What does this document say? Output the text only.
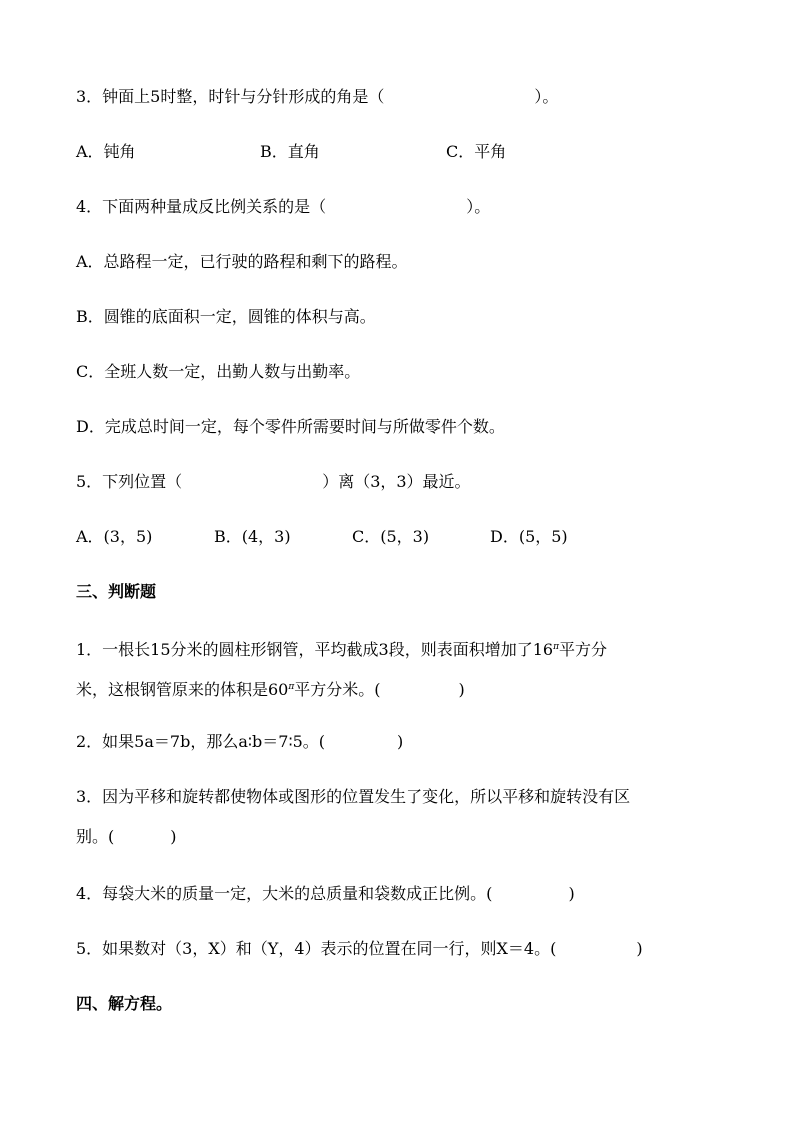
3．钟面上5时整，时针与分针形成的角是（	）。
A．钝角	B．直角	C．平角
4．下面两种量成反比例关系的是（	）。
A．总路程一定，已行驶的路程和剩下的路程。
B．圆锥的底面积一定，圆锥的体积与高。
C．全班人数一定，出勤人数与出勤率。
D．完成总时间一定，每个零件所需要时间与所做零件个数。
5．下列位置（	）离（3，3）最近。
A．(3，5)	B．(4，3)	C．(5，3)	D．(5，5)
三、判断题
1．一根长15分米的圆柱形钢管，平均截成3段，则表面积增加了$16^\pi$平方分
米，这根钢管原来的体积是$60^\pi$平方分米。(	)
2．如果5a＝7b，那么a∶b＝7∶5。(	)
3．因为平移和旋转都使物体或图形的位置发生了变化，所以平移和旋转没有区
别。(	)
4．每袋大米的质量一定，大米的总质量和袋数成正比例。(	)
5．如果数对（3，X）和（Y，4）表示的位置在同一行，则X＝4。(	)
四、解方程。
